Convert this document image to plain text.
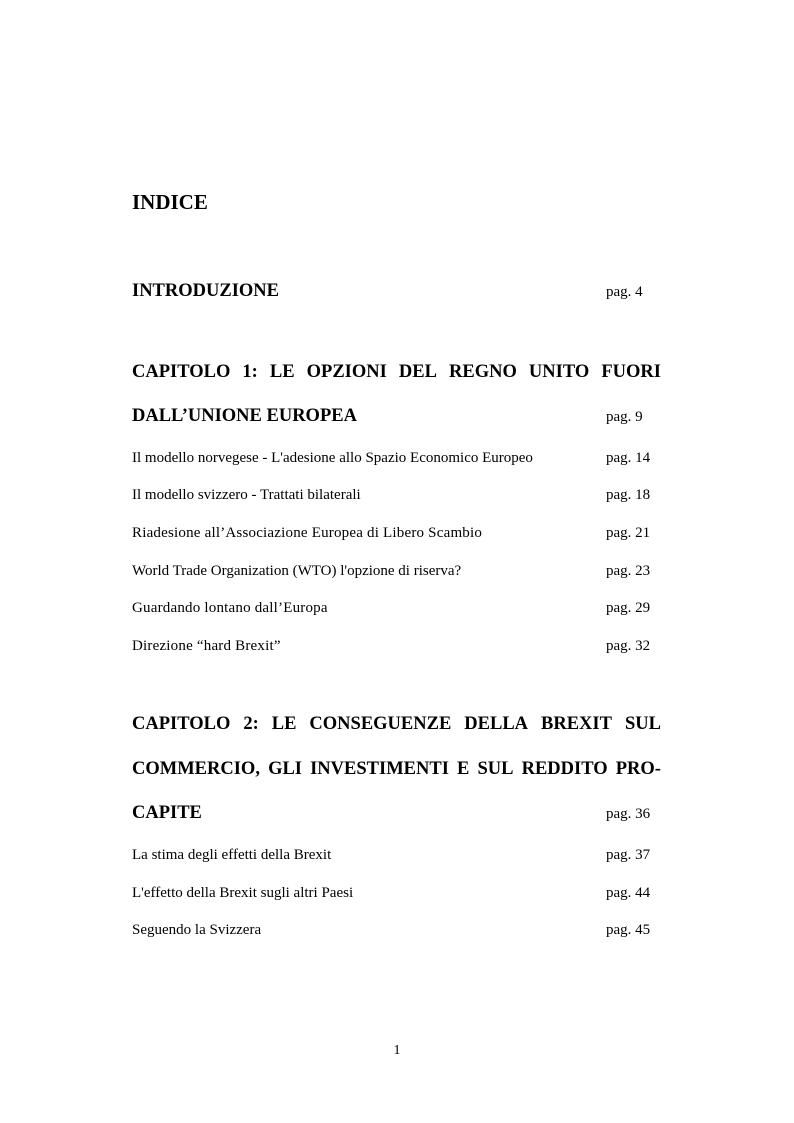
INDICE
INTRODUZIONE	pag. 4
CAPITOLO 1: LE OPZIONI DEL REGNO UNITO FUORI
DALL’UNIONE EUROPEA	pag. 9
Il modello norvegese - L'adesione allo Spazio Economico Europeo	pag. 14
Il modello svizzero - Trattati bilaterali	pag. 18
Riadesione all’Associazione Europea di Libero Scambio	pag. 21
World Trade Organization (WTO) l'opzione di riserva?	pag. 23
Guardando lontano dall’Europa	pag. 29
Direzione “hard Brexit”	pag. 32
CAPITOLO 2: LE CONSEGUENZE DELLA BREXIT SUL
COMMERCIO, GLI INVESTIMENTI E SUL REDDITO PRO-
CAPITE	pag. 36
La stima degli effetti della Brexit	pag. 37
L'effetto della Brexit sugli altri Paesi	pag. 44
Seguendo la Svizzera	pag. 45
1
